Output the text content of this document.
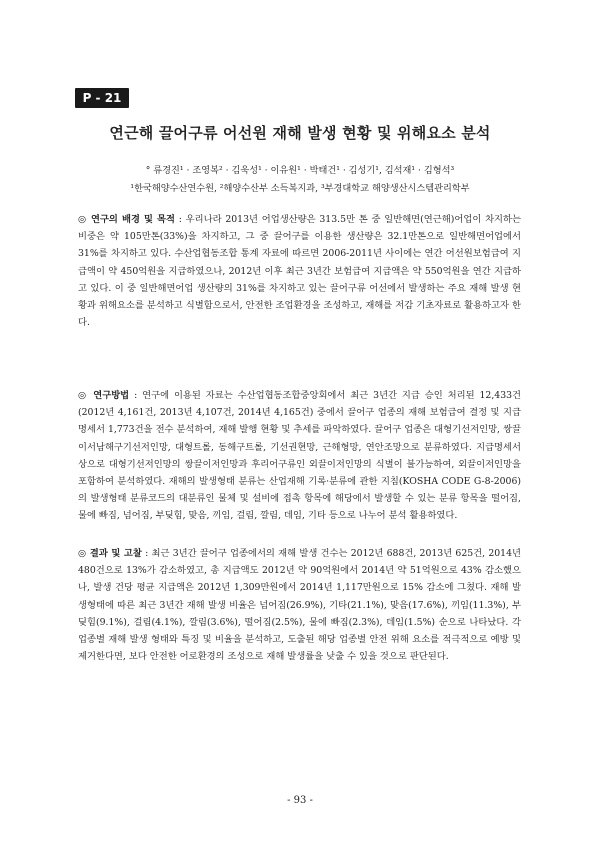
P - 21
연근해 끌어구류 어선원 재해 발생 현황 및 위해요소 분석
° 류경진¹ · 조영복² · 김욱성¹ · 이유원¹ · 박태건¹ · 김성기¹, 김석재¹ · 김형석³
¹한국해양수산연수원, ²해양수산부 소득복지과, ³부경대학교 해양생산시스템관리학부
◎ 연구의 배경 및 목적 : 우리나라 2013년 어업생산량은 313.5만 톤 중 일반해면(연근해)어업이 차지하는 비중은 약 105만톤(33%)을 차지하고, 그 중 끌어구를 이용한 생산량은 32.1만톤으로 일반해면어업에서 31%를 차지하고 있다. 수산업협동조합 통계 자료에 따르면 2006-2011년 사이에는 연간 어선원보험급여 지급액이 약 450억원을 지급하였으나, 2012년 이후 최근 3년간 보험급여 지급액은 약 550억원을 연간 지급하고 있다. 이 중 일반해면어업 생산량의 31%를 차지하고 있는 끌어구류 어선에서 발생하는 주요 재해 발생 현황과 위해요소를 분석하고 식별함으로서, 안전한 조업환경을 조성하고, 재해를 저감 기초자료로 활용하고자 한다.
◎ 연구방법 : 연구에 이용된 자료는 수산업협동조합중앙회에서 최근 3년간 지급 승인 처리된 12,433건(2012년 4,161건, 2013년 4,107건, 2014년 4,165건) 중에서 끌어구 업종의 재해 보험급여 결정 및 지급명세서 1,773건을 전수 분석하여, 재해 발행 현황 및 추세를 파악하였다. 끌어구 업종은 대형기선저인망, 쌍끌이서남해구기선저인망, 대형트롤, 동해구트롤, 기선권현망, 근해형망, 연안조망으로 분류하였다. 지급명세서 상으로 대형기선저인망의 쌍끌이저인망과 후리어구류인 외끌이저인망의 식별이 불가능하여, 외끌이저인망을 포함하여 분석하였다. 재해의 발생형태 분류는 산업재해 기록·분류에 관한 지침(KOSHA CODE G-8-2006)의 발생형태 분류코드의 대분류인 물체 및 설비에 접촉 항목에 해당에서 발생할 수 있는 분류 항목을 떨어짐, 물에 빠짐, 넘어짐, 부딪힘, 맞음, 끼임, 걸림, 깔림, 데임, 기타 등으로 나누어 분석 활용하였다.
◎ 결과 및 고찰 : 최근 3년간 끌어구 업종에서의 재해 발생 건수는 2012년 688건, 2013년 625건, 2014년 480건으로 13%가 감소하였고, 총 지급액도 2012년 약 90억원에서 2014년 약 51억원으로 43% 감소했으나, 발생 건당 평균 지급액은 2012년 1,309만원에서 2014년 1,117만원으로 15% 감소에 그쳤다. 재해 발생형태에 따른 최근 3년간 재해 발생 비율은 넘어짐(26.9%), 기타(21.1%), 맞음(17.6%), 끼임(11.3%), 부딪힘(9.1%), 걸림(4.1%), 깔림(3.6%), 떨어짐(2.5%), 물에 빠짐(2.3%), 데임(1.5%) 순으로 나타났다. 각 업종별 재해 발생 형태와 특징 및 비율을 분석하고, 도출된 해당 업종별 안전 위해 요소를 적극적으로 예방 및 제거한다면, 보다 안전한 어로환경의 조성으로 재해 발생률을 낮출 수 있을 것으로 판단된다.
- 93 -
